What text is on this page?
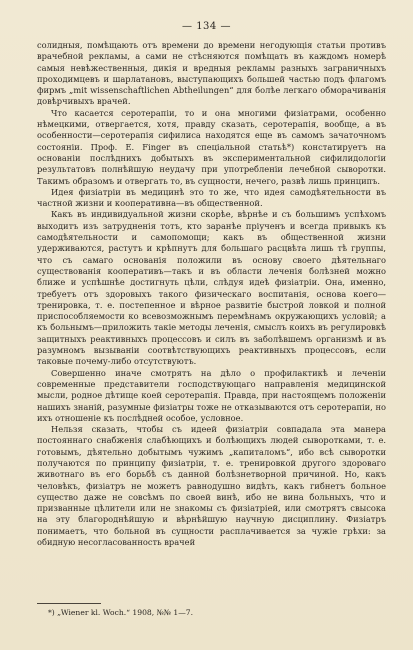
— 134 —

солидныя, помѣщають отъ времени до времени негодующія статьи противъ врачебной рекламы, а сами не стѣсняются помѣщать въ каждомъ номерѣ самыя невѣжественныя, дикія и вредныя рекламы разныхъ заграничныхъ проходимцевъ и шарлатановъ, выступающихъ большей частью подъ флагомъ фирмъ „mit wissenschaftlichen Abtheilungen“ для болѣе легкаго обморачиванія довѣрчивыхъ врачей.

Что касается серотерапіи, то и она многими физіатрами, особенно нѣмецкими, отвергается, хотя, правду сказать, серотерапія, вообще, а въ особенности—серотерапія сифилиса находятся еще въ самомъ зачаточномъ состояніи. Проф. E. Finger въ спеціальной статьѣ*) констатируетъ на основаніи послѣднихъ добытыхъ въ экспериментальной сифилидологіи результатовъ полнѣйшую неудачу при употребленіи лечебной сыворотки. Такимъ образомъ и отвергать то, въ сущности, нечего, развѣ лишь принципъ.

Идея физіатріи въ медицинѣ это то же, что идея самодѣятельности въ частной жизни и кооперативна—въ общественной.

Какъ въ индивидуальной жизни скорѣе, вѣрнѣе и съ большимъ успѣхомъ выходитъ изъ затрудненія тотъ, кто заранѣе пріученъ и всегда привыкъ къ самодѣятельности и самопомощи; какъ въ общественной жизни удерживаются, растутъ и крѣпнутъ для большаго расцвѣта лишь тѣ группы, что съ самаго основанія положили въ основу своего дѣятельнаго существованія кооперативъ—такъ и въ области леченія болѣзней можно ближе и успѣшнѣе достигнуть цѣли, слѣдуя идеѣ физіатріи. Она, именно, требуетъ отъ здоровыхъ такого физическаго воспитанія, основа коего—тренировка, т. е. постепенное и вѣрное развитіе быстрой ловкой и полной приспособляемости ко всевозможнымъ перемѣнамъ окружающихъ условій; а къ больнымъ—приложить такіе методы леченія, смыслъ коихъ въ регулировкѣ защитныхъ реактивныхъ процессовъ и силъ въ заболѣвшемъ организмѣ и въ разумномъ вызываніи соотвѣтствующихъ реактивныхъ процессовъ, если таковые почему-либо отсутствуютъ.

Совершенно иначе смотрятъ на дѣло о профилактикѣ и леченіи современные представители господствующаго направленія медицинской мысли, родное дѣтище коей серотерапія. Правда, при настоящемъ положеніи нашихъ знаній, разумные физіатры тоже не отказываются отъ серотерапіи, но ихъ отношеніе къ послѣдней особое, условное.

Нельзя сказать, чтобы съ идеей физіатріи совпадала эта манера постояннаго снабженія слабѣющихъ и болѣющихъ людей сыворотками, т. е. готовымъ, дѣятельно добытымъ чужимъ „капиталомъ“, ибо всѣ сыворотки получаются по принципу физіатріи, т. е. тренировкой другого здороваго животнаго въ его борьбѣ съ данной болѣзнетворной причиной. Но, какъ человѣкъ, физіатръ не можетъ равнодушно видѣть, какъ гибнетъ больное существо даже не совсѣмъ по своей винѣ, ибо не вина больныхъ, что и призванные цѣлители или не знакомы съ физіатріей, или смотрятъ свысока на эту благороднѣйшую и вѣрнѣйшую научную дисциплину. Физіатръ понимаетъ, что больной въ сущности расплачивается за чужіе грѣхи: за обидную несогласованность врачей

*) „Wiener kl. Woch.“ 1908, №№ 1—7.
